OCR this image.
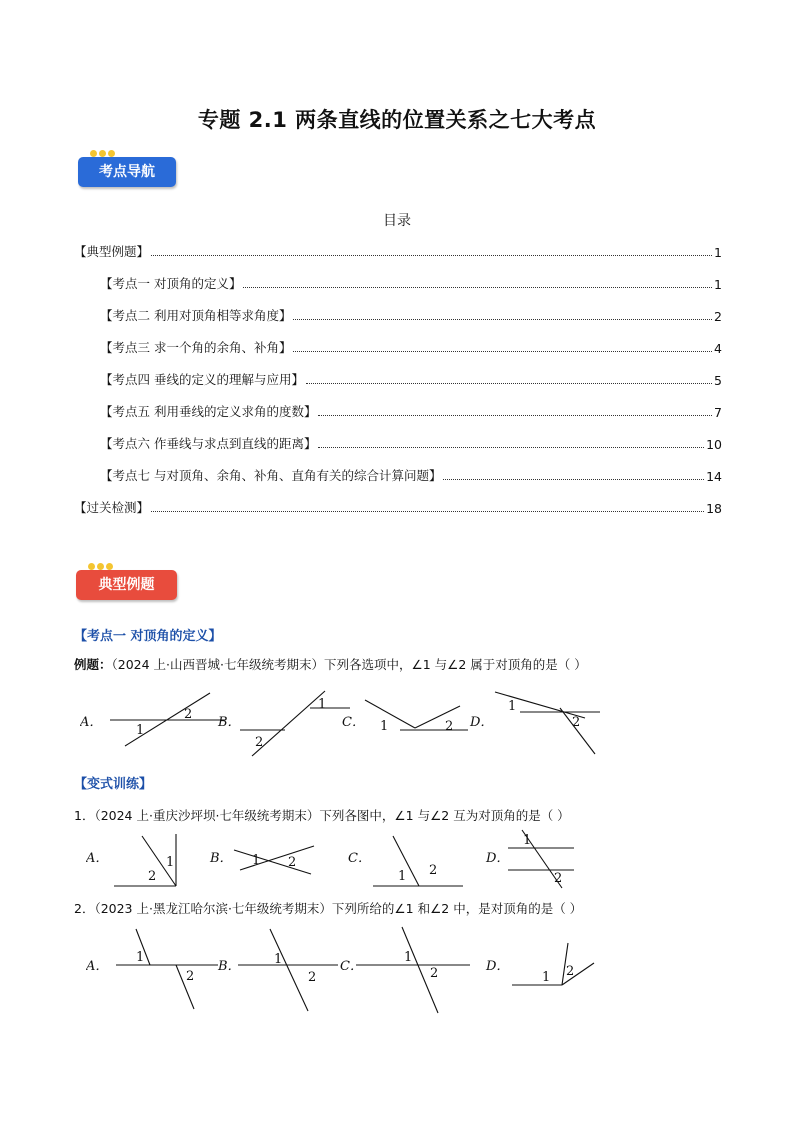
专题 2.1 两条直线的位置关系之七大考点
考点导航
目录
【典型例题】	1
【考点一 对顶角的定义】	1
【考点二 利用对顶角相等求角度】	2
【考点三 求一个角的余角、补角】	4
【考点四 垂线的定义的理解与应用】	5
【考点五 利用垂线的定义求角的度数】	7
【考点六 作垂线与求点到直线的距离】	10
【考点七 与对顶角、余角、补角、直角有关的综合计算问题】	14
【过关检测】	18
典型例题
【考点一 对顶角的定义】
例题：（2024 上·山西晋城·七年级统考期末）下列各选项中，∠1 与∠2 属于对顶角的是（ ）
A．	B．	C．	D．
1
2
2
1
1	2
1
2
【变式训练】
1．（2024 上·重庆沙坪坝·七年级统考期末）下列各图中，∠1 与∠2 互为对顶角的是（ ）
A．	B．	C．	D．
1
2
1 2
1 2
1
2
2．（2023 上·黑龙江哈尔滨·七年级统考期末）下列所给的∠1 和∠2 中，是对顶角的是（ ）
A．	B．	C．	D．
1
2
1
2
1
2	1 2
